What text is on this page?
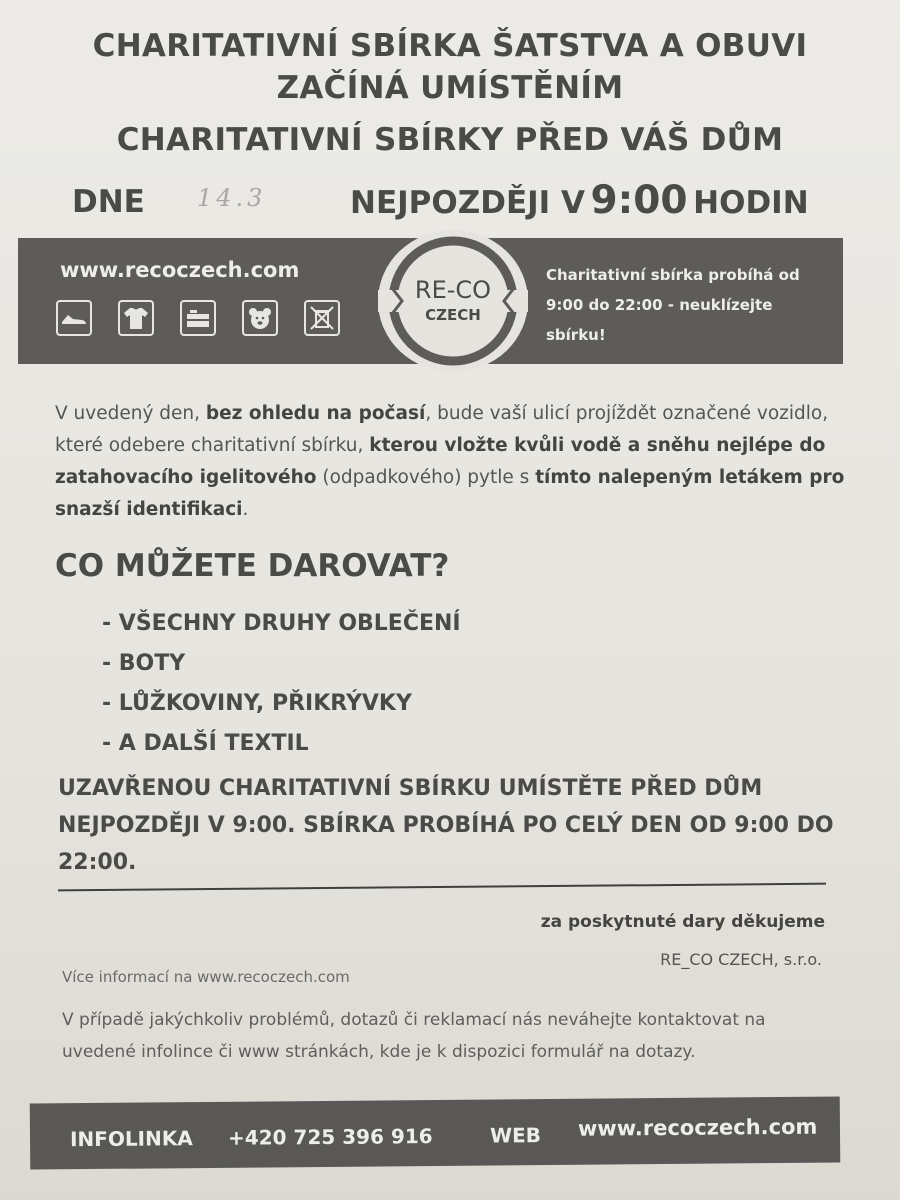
CHARITATIVNÍ SBÍRKA ŠATSTVA A OBUVI
ZAČÍNÁ UMÍSTĚNÍM
CHARITATIVNÍ SBÍRKY PŘED VÁŠ DŮM
DNE 14.3	NEJPOZDĚJI V 9:00 HODIN
www.recoczech.com
RE-CO
CZECH
Charitativní sbírka probíhá od 9:00 do 22:00 - neuklízejte sbírku!
V uvedený den, bez ohledu na počasí, bude vaší ulicí projíždět označené vozidlo, které odebere charitativní sbírku, kterou vložte kvůli vodě a sněhu nejlépe do zatahovacího igelitového (odpadkového) pytle s tímto nalepeným letákem pro snazší identifikaci.
CO MŮŽETE DAROVAT?
- VŠECHNY DRUHY OBLEČENÍ
- BOTY
- LŮŽKOVINY, PŘIKRÝVKY
- A DALŠÍ TEXTIL
UZAVŘENOU CHARITATIVNÍ SBÍRKU UMÍSTĚTE PŘED DŮM NEJPOZDĚJI V 9:00. SBÍRKA PROBÍHÁ PO CELÝ DEN OD 9:00 DO 22:00.
za poskytnuté dary děkujeme
RE_CO CZECH, s.r.o.
Více informací na www.recoczech.com
V případě jakýchkoliv problémů, dotazů či reklamací nás neváhejte kontaktovat na uvedené infolince či www stránkách, kde je k dispozici formulář na dotazy.
INFOLINKA +420 725 396 916	WEB www.recoczech.com
